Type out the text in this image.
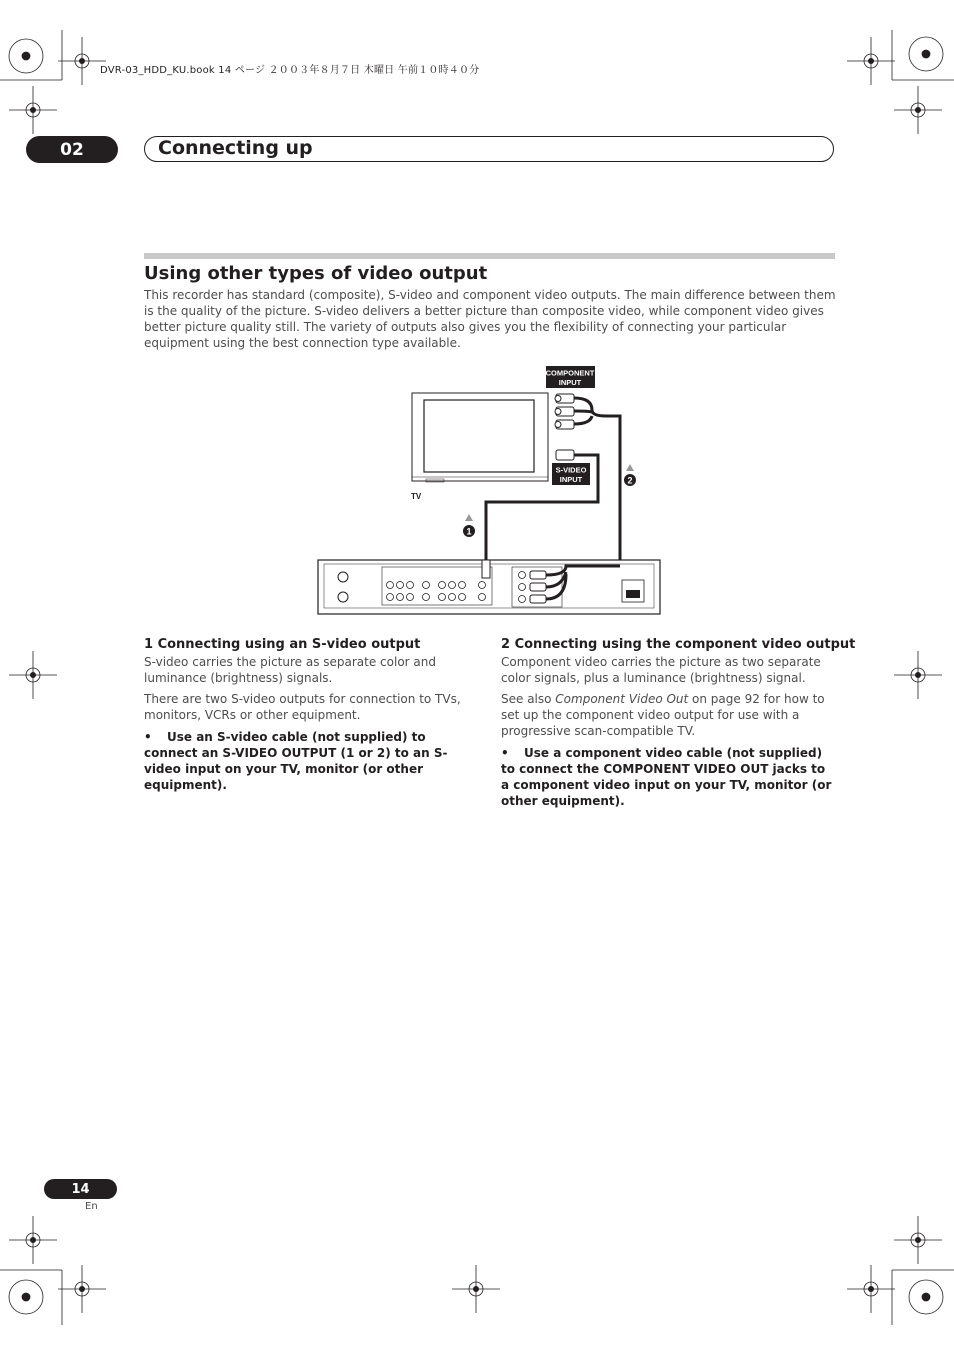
DVR-03_HDD_KU.book 14 ページ ２００３年８月７日 木曜日 午前１０時４０分
02	Connecting up
Using other types of video output

This recorder has standard (composite), S-video and component video outputs. The main difference between them is the quality of the picture. S-video delivers a better picture than composite video, while component video gives better picture quality still. The variety of outputs also gives you the flexibility of connecting your particular equipment using the best connection type available.

COMPONENT
INPUT
S-VIDEO
INPUT
TV
1
2
1 Connecting using an S-video output

S-video carries the picture as separate color and luminance (brightness) signals.

There are two S-video outputs for connection to TVs, monitors, VCRs or other equipment.

• Use an S-video cable (not supplied) to connect an S-VIDEO OUTPUT (1 or 2) to an S-video input on your TV, monitor (or other equipment).
2 Connecting using the component video output

Component video carries the picture as two separate color signals, plus a luminance (brightness) signal.

See also Component Video Out on page 92 for how to set up the component video output for use with a progressive scan-compatible TV.

• Use a component video cable (not supplied) to connect the COMPONENT VIDEO OUT jacks to a component video input on your TV, monitor (or other equipment).
14
En
